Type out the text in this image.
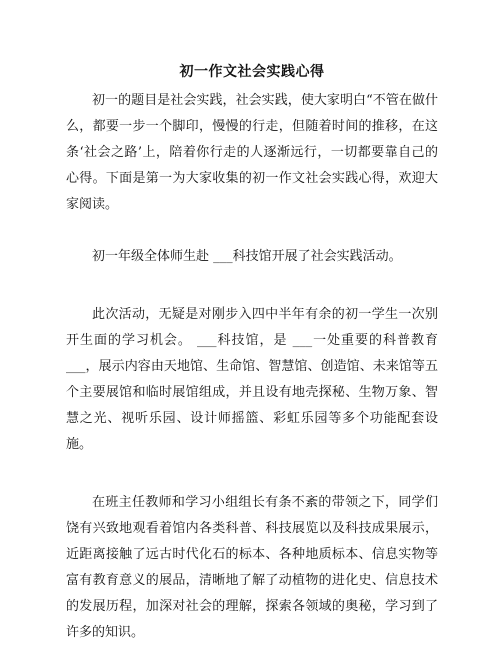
初一作文社会实践心得

初一的题目是社会实践，社会实践，使大家明白“不管在做什么，都要一步一个脚印，慢慢的行走，但随着时间的推移，在这条‘社会之路’上，陪着你行走的人逐渐远行，一切都要靠自己的心得。下面是第一为大家收集的初一作文社会实践心得，欢迎大家阅读。

初一年级全体师生赴 ___科技馆开展了社会实践活动。

此次活动，无疑是对刚步入四中半年有余的初一学生一次别开生面的学习机会。 ___科技馆，是 ___一处重要的科普教育 ___，展示内容由天地馆、生命馆、智慧馆、创造馆、未来馆等五个主要展馆和临时展馆组成，并且设有地壳探秘、生物万象、智慧之光、视听乐园、设计师摇篮、彩虹乐园等多个功能配套设施。

在班主任教师和学习小组组长有条不紊的带领之下，同学们饶有兴致地观看着馆内各类科普、科技展览以及科技成果展示，近距离接触了远古时代化石的标本、各种地质标本、信息实物等富有教育意义的展品，清晰地了解了动植物的进化史、信息技术的发展历程，加深对社会的理解，探索各领域的奥秘，学习到了许多的知识。
